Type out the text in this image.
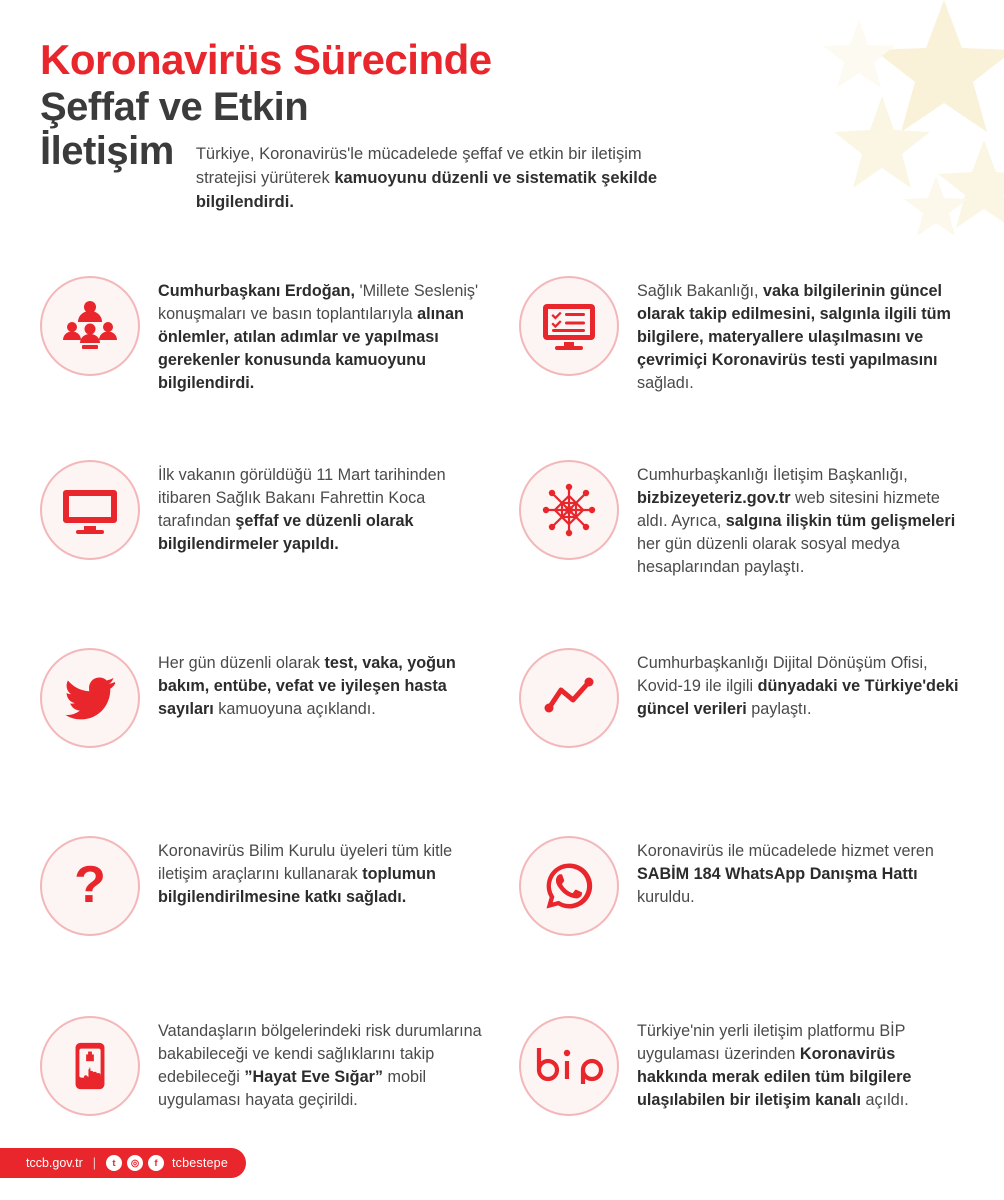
Koronavirüs Sürecinde
Şeffaf ve Etkin
İletişim Türkiye, Koronavirüs'le mücadelede şeffaf ve etkin bir iletişim stratejisi yürüterek kamuoyunu düzenli ve sistematik şekilde bilgilendirdi.

Cumhurbaşkanı Erdoğan, 'Millete Sesleniş' konuşmaları ve basın toplantılarıyla alınan önlemler, atılan adımlar ve yapılması gerekenler konusunda kamuoyunu bilgilendirdi.
İlk vakanın görüldüğü 11 Mart tarihinden itibaren Sağlık Bakanı Fahrettin Koca tarafından şeffaf ve düzenli olarak bilgilendirmeler yapıldı.
Her gün düzenli olarak test, vaka, yoğun bakım, entübe, vefat ve iyileşen hasta sayıları kamuoyuna açıklandı.
?
Koronavirüs Bilim Kurulu üyeleri tüm kitle iletişim araçlarını kullanarak toplumun bilgilendirilmesine katkı sağladı.
Vatandaşların bölgelerindeki risk durumlarına bakabileceği ve kendi sağlıklarını takip edebileceği ”Hayat Eve Sığar” mobil uygulaması hayata geçirildi.
Sağlık Bakanlığı, vaka bilgilerinin güncel olarak takip edilmesini, salgınla ilgili tüm bilgilere, materyallere ulaşılmasını ve çevrimiçi Koronavirüs testi yapılmasını sağladı.
Cumhurbaşkanlığı İletişim Başkanlığı, bizbizeyeteriz.gov.tr web sitesini hizmete aldı. Ayrıca, salgına ilişkin tüm gelişmeleri her gün düzenli olarak sosyal medya hesaplarından paylaştı.
Cumhurbaşkanlığı Dijital Dönüşüm Ofisi, Kovid-19 ile ilgili dünyadaki ve Türkiye'deki güncel verileri paylaştı.
Koronavirüs ile mücadelede hizmet veren SABİM 184 WhatsApp Danışma Hattı kuruldu.
Türkiye'nin yerli iletişim platformu BİP uygulaması üzerinden Koronavirüs hakkında merak edilen tüm bilgilere ulaşılabilen bir iletişim kanalı açıldı.
tccb.gov.tr |	t	◎	f	tcbestepe
